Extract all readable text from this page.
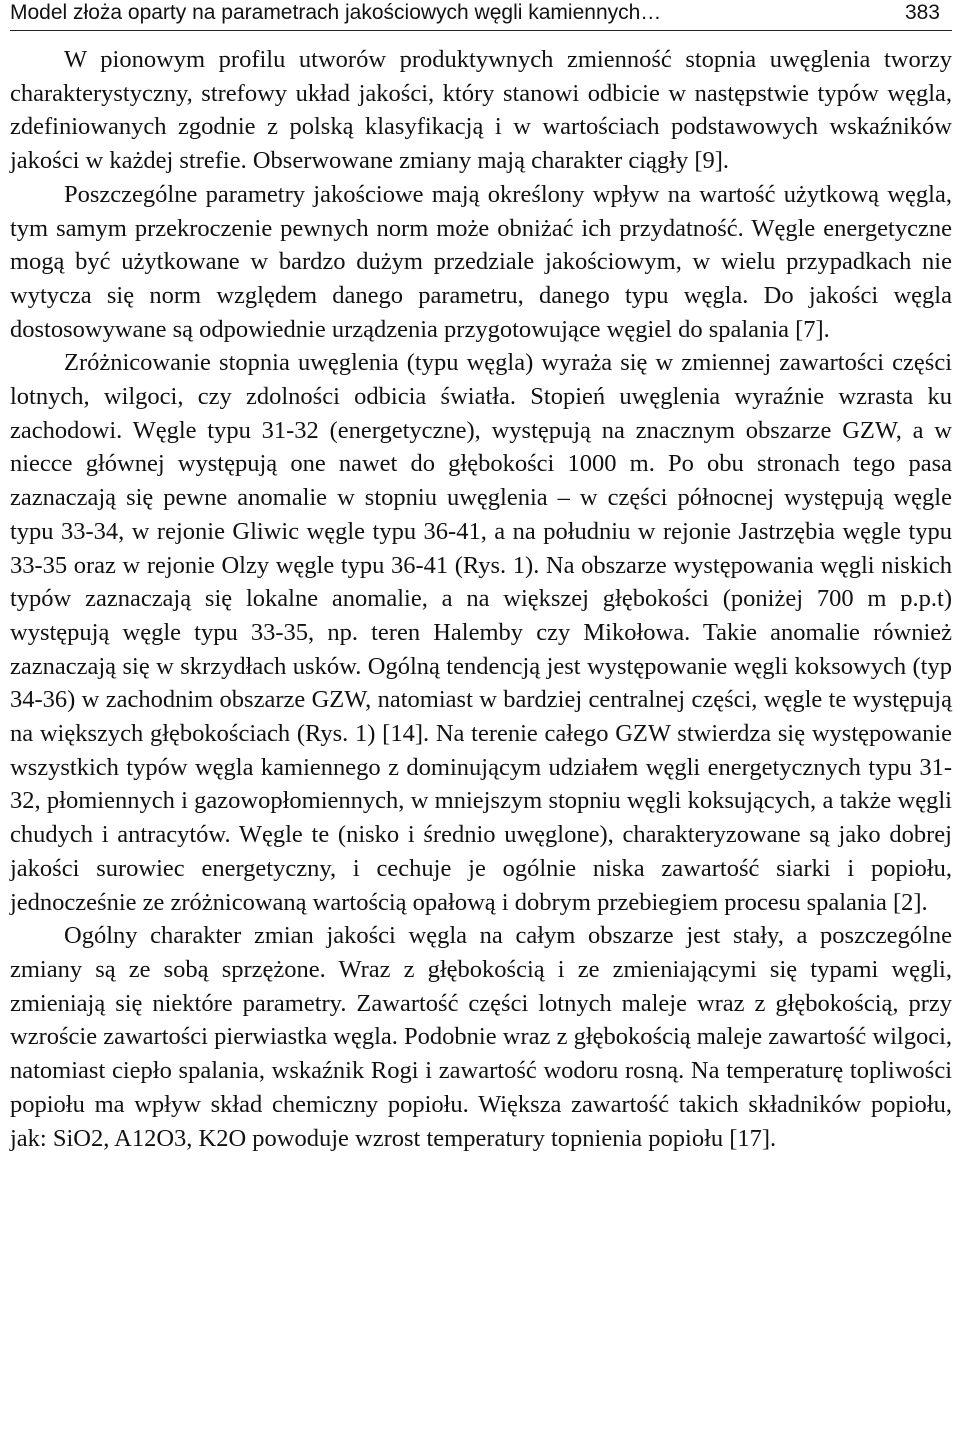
Model złoża oparty na parametrach jakościowych węgli kamiennych…	383

W pionowym profilu utworów produktywnych zmienność stopnia uwęglenia tworzy charakterystyczny, strefowy układ jakości, który stanowi odbicie w następstwie typów węgla, zdefiniowanych zgodnie z polską klasyfikacją i w wartościach podstawowych wskaźników jakości w każdej strefie. Obserwowane zmiany mają charakter ciągły [9].

Poszczególne parametry jakościowe mają określony wpływ na wartość użytkową węgla, tym samym przekroczenie pewnych norm może obniżać ich przydatność. Węgle energetyczne mogą być użytkowane w bardzo dużym przedziale jakościowym, w wielu przypadkach nie wytycza się norm względem danego parametru, danego typu węgla. Do jakości węgla dostosowywane są odpowiednie urządzenia przygotowujące węgiel do spalania [7].

Zróżnicowanie stopnia uwęglenia (typu węgla) wyraża się w zmiennej zawartości części lotnych, wilgoci, czy zdolności odbicia światła. Stopień uwęglenia wyraźnie wzrasta ku zachodowi. Węgle typu 31-32 (energetyczne), występują na znacznym obszarze GZW, a w niecce głównej występują one nawet do głębokości 1000 m. Po obu stronach tego pasa zaznaczają się pewne anomalie w stopniu uwęglenia – w części północnej występują węgle typu 33-34, w rejonie Gliwic węgle typu 36-41, a na południu w rejonie Jastrzębia węgle typu 33-35 oraz w rejonie Olzy węgle typu 36-41 (Rys. 1). Na obszarze występowania węgli niskich typów zaznaczają się lokalne anomalie, a na większej głębokości (poniżej 700 m p.p.t) występują węgle typu 33-35, np. teren Halemby czy Mikołowa. Takie anomalie również zaznaczają się w skrzydłach usków. Ogólną tendencją jest występowanie węgli koksowych (typ 34-36) w zachodnim obszarze GZW, natomiast w bardziej centralnej części, węgle te występują na większych głębokościach (Rys. 1) [14]. Na terenie całego GZW stwierdza się występowanie wszystkich typów węgla kamiennego z dominującym udziałem węgli energetycznych typu 31-32, płomiennych i gazowopłomiennych, w mniejszym stopniu węgli koksujących, a także węgli chudych i antracytów. Węgle te (nisko i średnio uwęglone), charakteryzowane są jako dobrej jakości surowiec energetyczny, i cechuje je ogólnie niska zawartość siarki i popiołu, jednocześnie ze zróżnicowaną wartością opałową i dobrym przebiegiem procesu spalania [2].

Ogólny charakter zmian jakości węgla na całym obszarze jest stały, a poszczególne zmiany są ze sobą sprzężone. Wraz z głębokością i ze zmieniającymi się typami węgli, zmieniają się niektóre parametry. Zawartość części lotnych maleje wraz z głębokością, przy wzroście zawartości pierwiastka węgla. Podobnie wraz z głębokością maleje zawartość wilgoci, natomiast ciepło spalania, wskaźnik Rogi i zawartość wodoru rosną. Na temperaturę topliwości popiołu ma wpływ skład chemiczny popiołu. Większa zawartość takich składników popiołu, jak: SiO2, A12O3, K2O powoduje wzrost temperatury topnienia popiołu [17].
